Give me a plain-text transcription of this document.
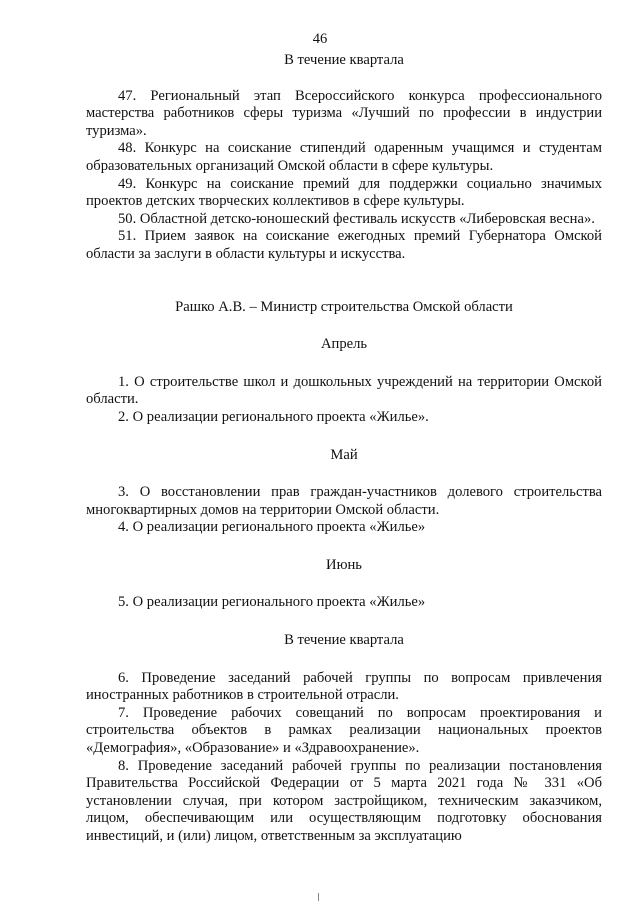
46

В течение квартала

47. Региональный этап Всероссийского конкурса профессионального мастерства работников сферы туризма «Лучший по профессии в индустрии туризма».

48. Конкурс на соискание стипендий одаренным учащимся и студентам образовательных организаций Омской области в сфере культуры.

49. Конкурс на соискание премий для поддержки социально значимых проектов детских творческих коллективов в сфере культуры.

50. Областной детско-юношеский фестиваль искусств «Либеровская весна».

51. Прием заявок на соискание ежегодных премий Губернатора Омской области за заслуги в области культуры и искусства.

Рашко А.В. – Министр строительства Омской области

Апрель

1. О строительстве школ и дошкольных учреждений на территории Омской области.

2. О реализации регионального проекта «Жилье».

Май

3. О восстановлении прав граждан-участников долевого строительства многоквартирных домов на территории Омской области.

4. О реализации регионального проекта «Жилье»

Июнь

5. О реализации регионального проекта «Жилье»

В течение квартала

6. Проведение заседаний рабочей группы по вопросам привлечения иностранных работников в строительной отрасли.

7. Проведение рабочих совещаний по вопросам проектирования и строительства объектов в рамках реализации национальных проектов «Демография», «Образование» и «Здравоохранение».

8. Проведение заседаний рабочей группы по реализации постановления Правительства Российской Федерации от 5 марта 2021 года № 331 «Об установлении случая, при котором застройщиком, техническим заказчиком, лицом, обеспечивающим или осуществляющим подготовку обоснования инвестиций, и (или) лицом, ответственным за эксплуатацию
